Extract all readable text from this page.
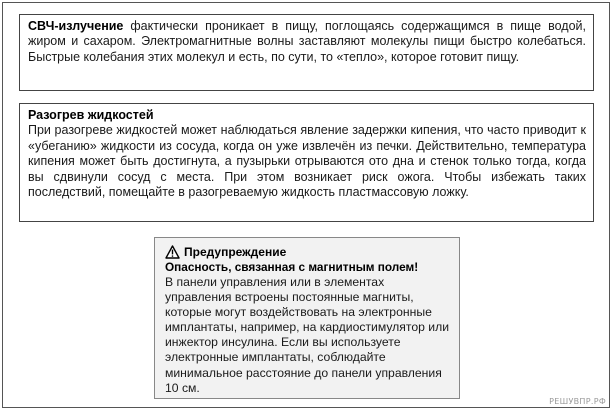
СВЧ-излучение фактически проникает в пищу, поглощаясь содержащимся в пище водой, жиром и сахаром. Электромагнитные волны заставляют молекулы пищи быстро колебаться. Быстрые колебания этих молекул и есть, по сути, то «тепло», которое готовит пищу.

Разогрев жидкостей

При разогреве жидкостей может наблюдаться явление задержки кипения, что часто приводит к «убеганию» жидкости из сосуда, когда он уже извлечён из печки. Действительно, температура кипения может быть достигнута, а пузырьки отрываются ото дна и стенок только тогда, когда вы сдвинули сосуд с места. При этом возникает риск ожога. Чтобы избежать таких последствий, помещайте в разогреваемую жидкость пластмассовую ложку.

Предупреждение

Опасность, связанная с магнитным полем!

В панели управления или в элементах управления встроены постоянные магниты, которые могут воздействовать на электронные имплантаты, например, на кардиостимулятор или инжектор инсулина. Если вы используете электронные имплантаты, соблюдайте минимальное расстояние до панели управления 10 см.

РЕШУВПР.РФ
